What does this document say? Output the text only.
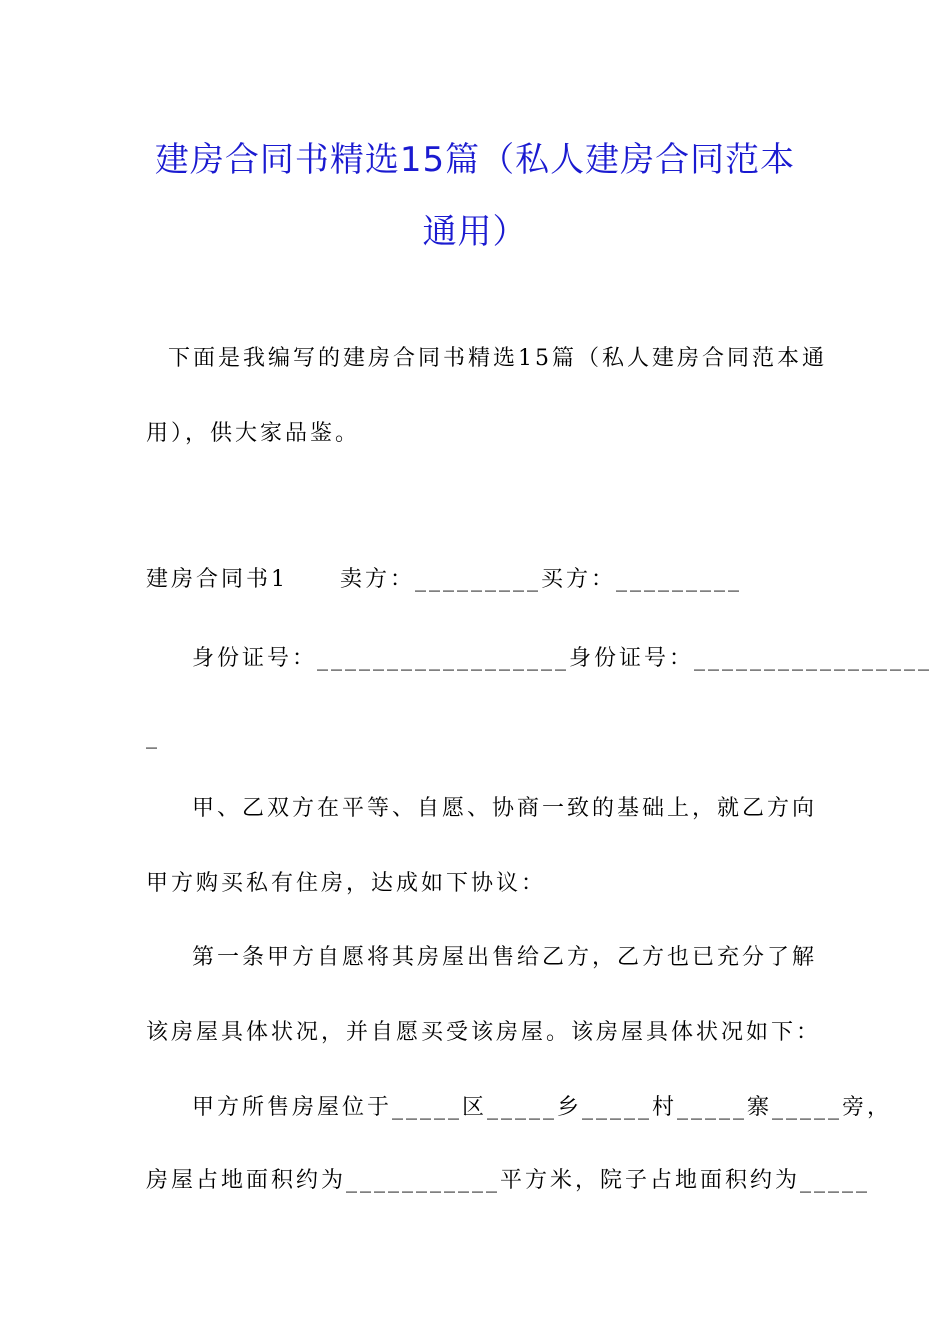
建房合同书精选15篇（私人建房合同范本
通用）
下面是我编写的建房合同书精选15篇（私人建房合同范本通
用），供大家品鉴。
建房合同书1 卖方：_________买方：_________
身份证号：__________________身份证号：_________________
_
甲、乙双方在平等、自愿、协商一致的基础上，就乙方向
甲方购买私有住房，达成如下协议：
第一条甲方自愿将其房屋出售给乙方，乙方也已充分了解
该房屋具体状况，并自愿买受该房屋。该房屋具体状况如下：
甲方所售房屋位于_____区_____乡_____村_____寨_____旁，
房屋占地面积约为___________平方米，院子占地面积约为_____
